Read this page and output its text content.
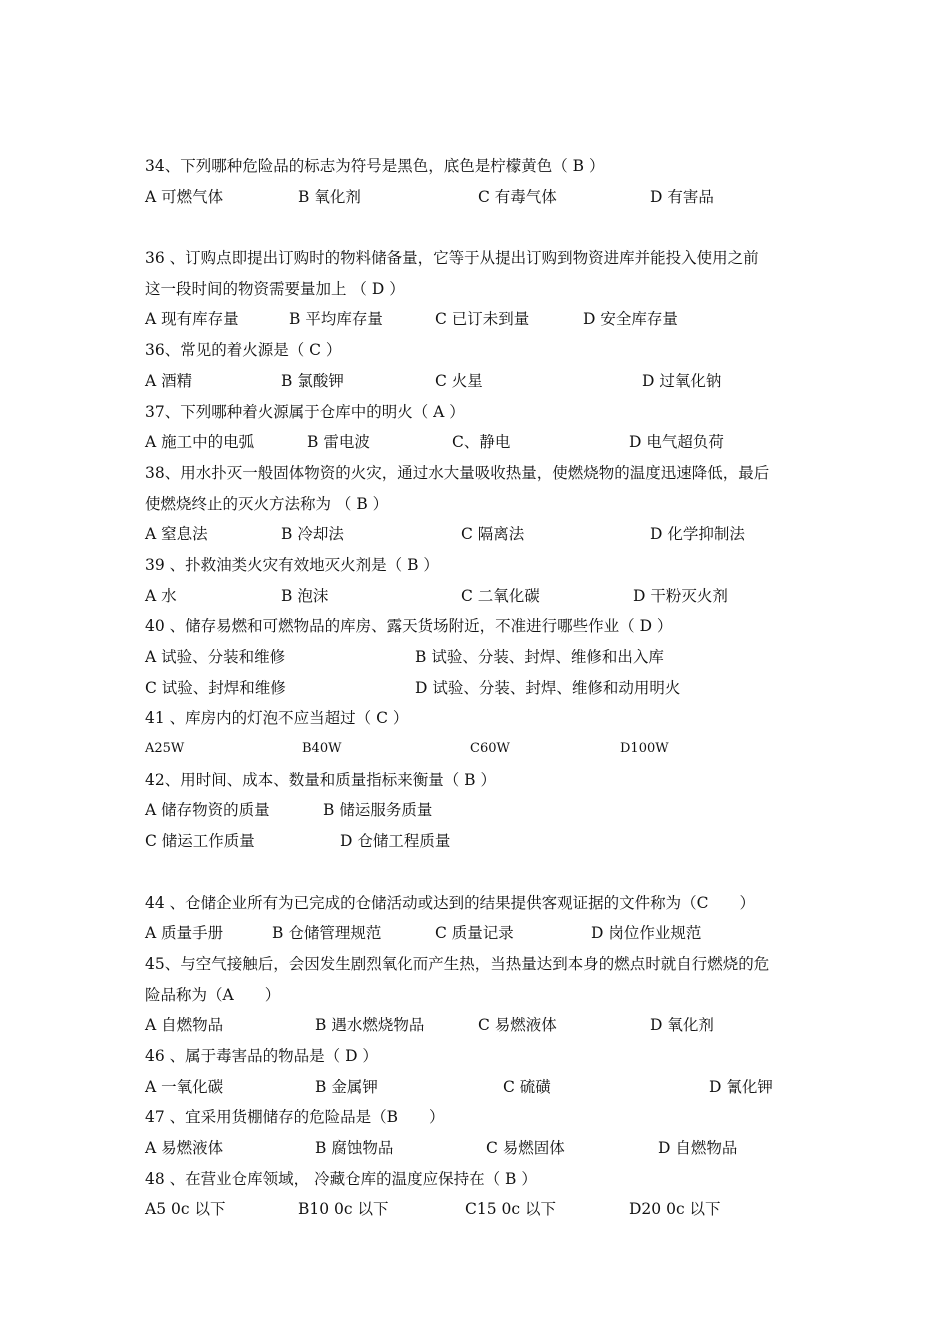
34、下列哪种危险品的标志为符号是黑色，底色是柠檬黄色（ B ）
A 可燃气体	B 氧化剂	C 有毒气体	D 有害品
36 、订购点即提出订购时的物料储备量，它等于从提出订购到物资进库并能投入使用之前
这一段时间的物资需要量加上 （ D ）
A 现有库存量	B 平均库存量	C 已订未到量	D 安全库存量
36、常见的着火源是（ C ）
A 酒精	B 氯酸钾	C 火星	D 过氧化钠
37、下列哪种着火源属于仓库中的明火（ A ）
A 施工中的电弧	B 雷电波	C、静电	D 电气超负荷
38、用水扑灭一般固体物资的火灾，通过水大量吸收热量，使燃烧物的温度迅速降低，最后
使燃烧终止的灭火方法称为 （ B ）
A 窒息法	B 冷却法	C 隔离法	D 化学抑制法
39 、扑救油类火灾有效地灭火剂是（ B ）
A 水	B 泡沫	C 二氧化碳	D 干粉灭火剂
40 、储存易燃和可燃物品的库房、露天货场附近，不准进行哪些作业（ D ）
A 试验、分装和维修	B 试验、分装、封焊、维修和出入库
C 试验、封焊和维修	D 试验、分装、封焊、维修和动用明火
41 、库房内的灯泡不应当超过（ C ）
A25W	B40W	C60W	D100W
42、用时间、成本、数量和质量指标来衡量（ B ）
A 储存物资的质量	B 储运服务质量
C 储运工作质量	D 仓储工程质量
44 、仓储企业所有为已完成的仓储活动或达到的结果提供客观证据的文件称为（C　　）
A 质量手册	B 仓储管理规范	C 质量记录	D 岗位作业规范
45、与空气接触后，会因发生剧烈氧化而产生热，当热量达到本身的燃点时就自行燃烧的危
险品称为（A　　）
A 自燃物品	B 遇水燃烧物品	C 易燃液体	D 氧化剂
46 、属于毒害品的物品是（ D ）
A 一氧化碳	B 金属钾	C 硫磺	D 氰化钾
47 、宜采用货棚储存的危险品是（B　　）
A 易燃液体	B 腐蚀物品	C 易燃固体	D 自燃物品
48 、在营业仓库领域， 冷藏仓库的温度应保持在（ B ）
A5 0c 以下	B10 0c 以下	C15 0c 以下	D20 0c 以下
